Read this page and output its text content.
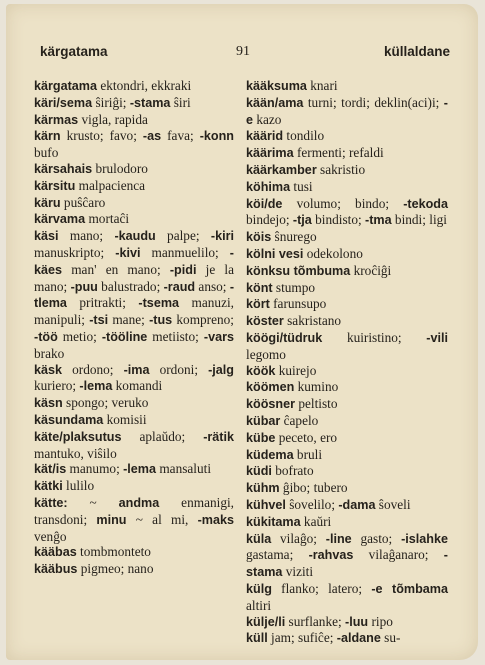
kärgatama	91	küllaldane

kärgatama ektondri, ekkraki

käri/sema ŝiriĝi; -stama ŝiri

kärmas vigla, rapida

kärn krusto; favo; -as fava; -konn bufo

kärsahais brulodoro

kärsitu malpacienca

käru puŝĉaro

kärvama mortaĉi

käsi mano; -kaudu palpe; -kiri manuskripto; -kivi manmuelilo; -käes man' en mano; -pidi je la mano; -puu balustrado; -raud anso; -tlema pritrakti; -tsema manuzi, manipuli; -tsi mane; -tus kompreno; -töö metio; -tööline metiisto; -vars brako

käsk ordono; -ima ordoni; -jalg kuriero; -lema komandi

käsn spongo; veruko

käsundama komisii

käte/plaksutus aplaŭdo; -rätik mantuko, viŝilo

kät/is manumo; -lema mansaluti

kätki lulilo

kätte: ~ andma enmanigi, transdoni; minu ~ al mi, -maks venĝo

kääbas tombmonteto

kääbus pigmeo; nano

kääksuma knari

kään/ama turni; tordi; deklin(aci)i; -e kazo

käärid tondilo

käärima fermenti; refaldi

käärkamber sakristio

köhima tusi

köi/de volumo; bindo; -tekoda bindejo; -tja bindisto; -tma bindi; ligi

köis ŝnurego

kölni vesi odekolono

könksu tõmbuma kroĉiĝi

könt stumpo

kört farunsupo

köster sakristano

köögi/tüdruk kuiristino; -vili legomo

köök kuirejo

köömen kumino

köösner peltisto

kübar ĉapelo

kübe peceto, ero

küdema bruli

küdi bofrato

kühm ĝibo; tubero

kühvel ŝovelilo; -dama ŝoveli

kükitama kaŭri

küla vilaĝo; -line gasto; -islahke gastama; -rahvas vilaĝanaro; -stama viziti

külg flanko; latero; -e tõmbama altiri

külje/li surflanke; -luu ripo

küll jam; sufiĉe; -aldane su-
